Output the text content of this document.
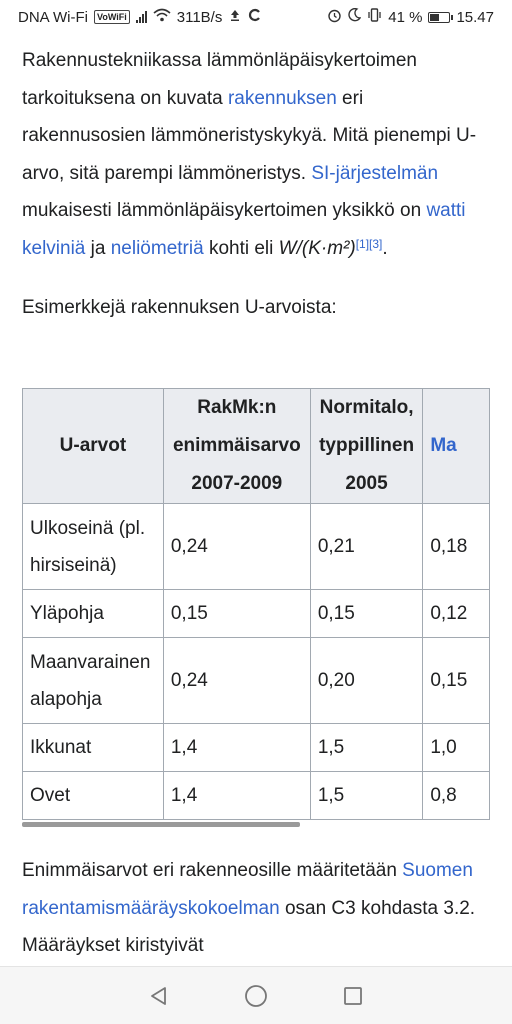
DNA Wi-Fi	VoWiFi	311B/s	41 % 15.47

Rakennustekniikassa lämmönläpäisykertoimen tarkoituksena on kuvata rakennuksen eri rakennusosien lämmöneristyskykyä. Mitä pienempi U-arvo, sitä parempi lämmöneristys. SI-järjestelmän mukaisesti lämmönläpäisykertoimen yksikkö on watti kelviniä ja neliömetriä kohti eli W/(K·m²)[1][3].

Esimerkkejä rakennuksen U-arvoista:

U-arvot	RakMk:n enimmäisarvo 2007-2009	Normitalo, typpillinen 2005	Ma
Ulkoseinä (pl. hirsiseinä)	0,24	0,21	0,18
Yläpohja	0,15	0,15	0,12
Maanvarainen alapohja	0,24	0,20	0,15
Ikkunat	1,4	1,5	1,0
Ovet	1,4	1,5	0,8

Enimmäisarvot eri rakenneosille määritetään Suomen rakentamismääräyskokoelman osan C3 kohdasta 3.2. Määräykset kiristyivät
